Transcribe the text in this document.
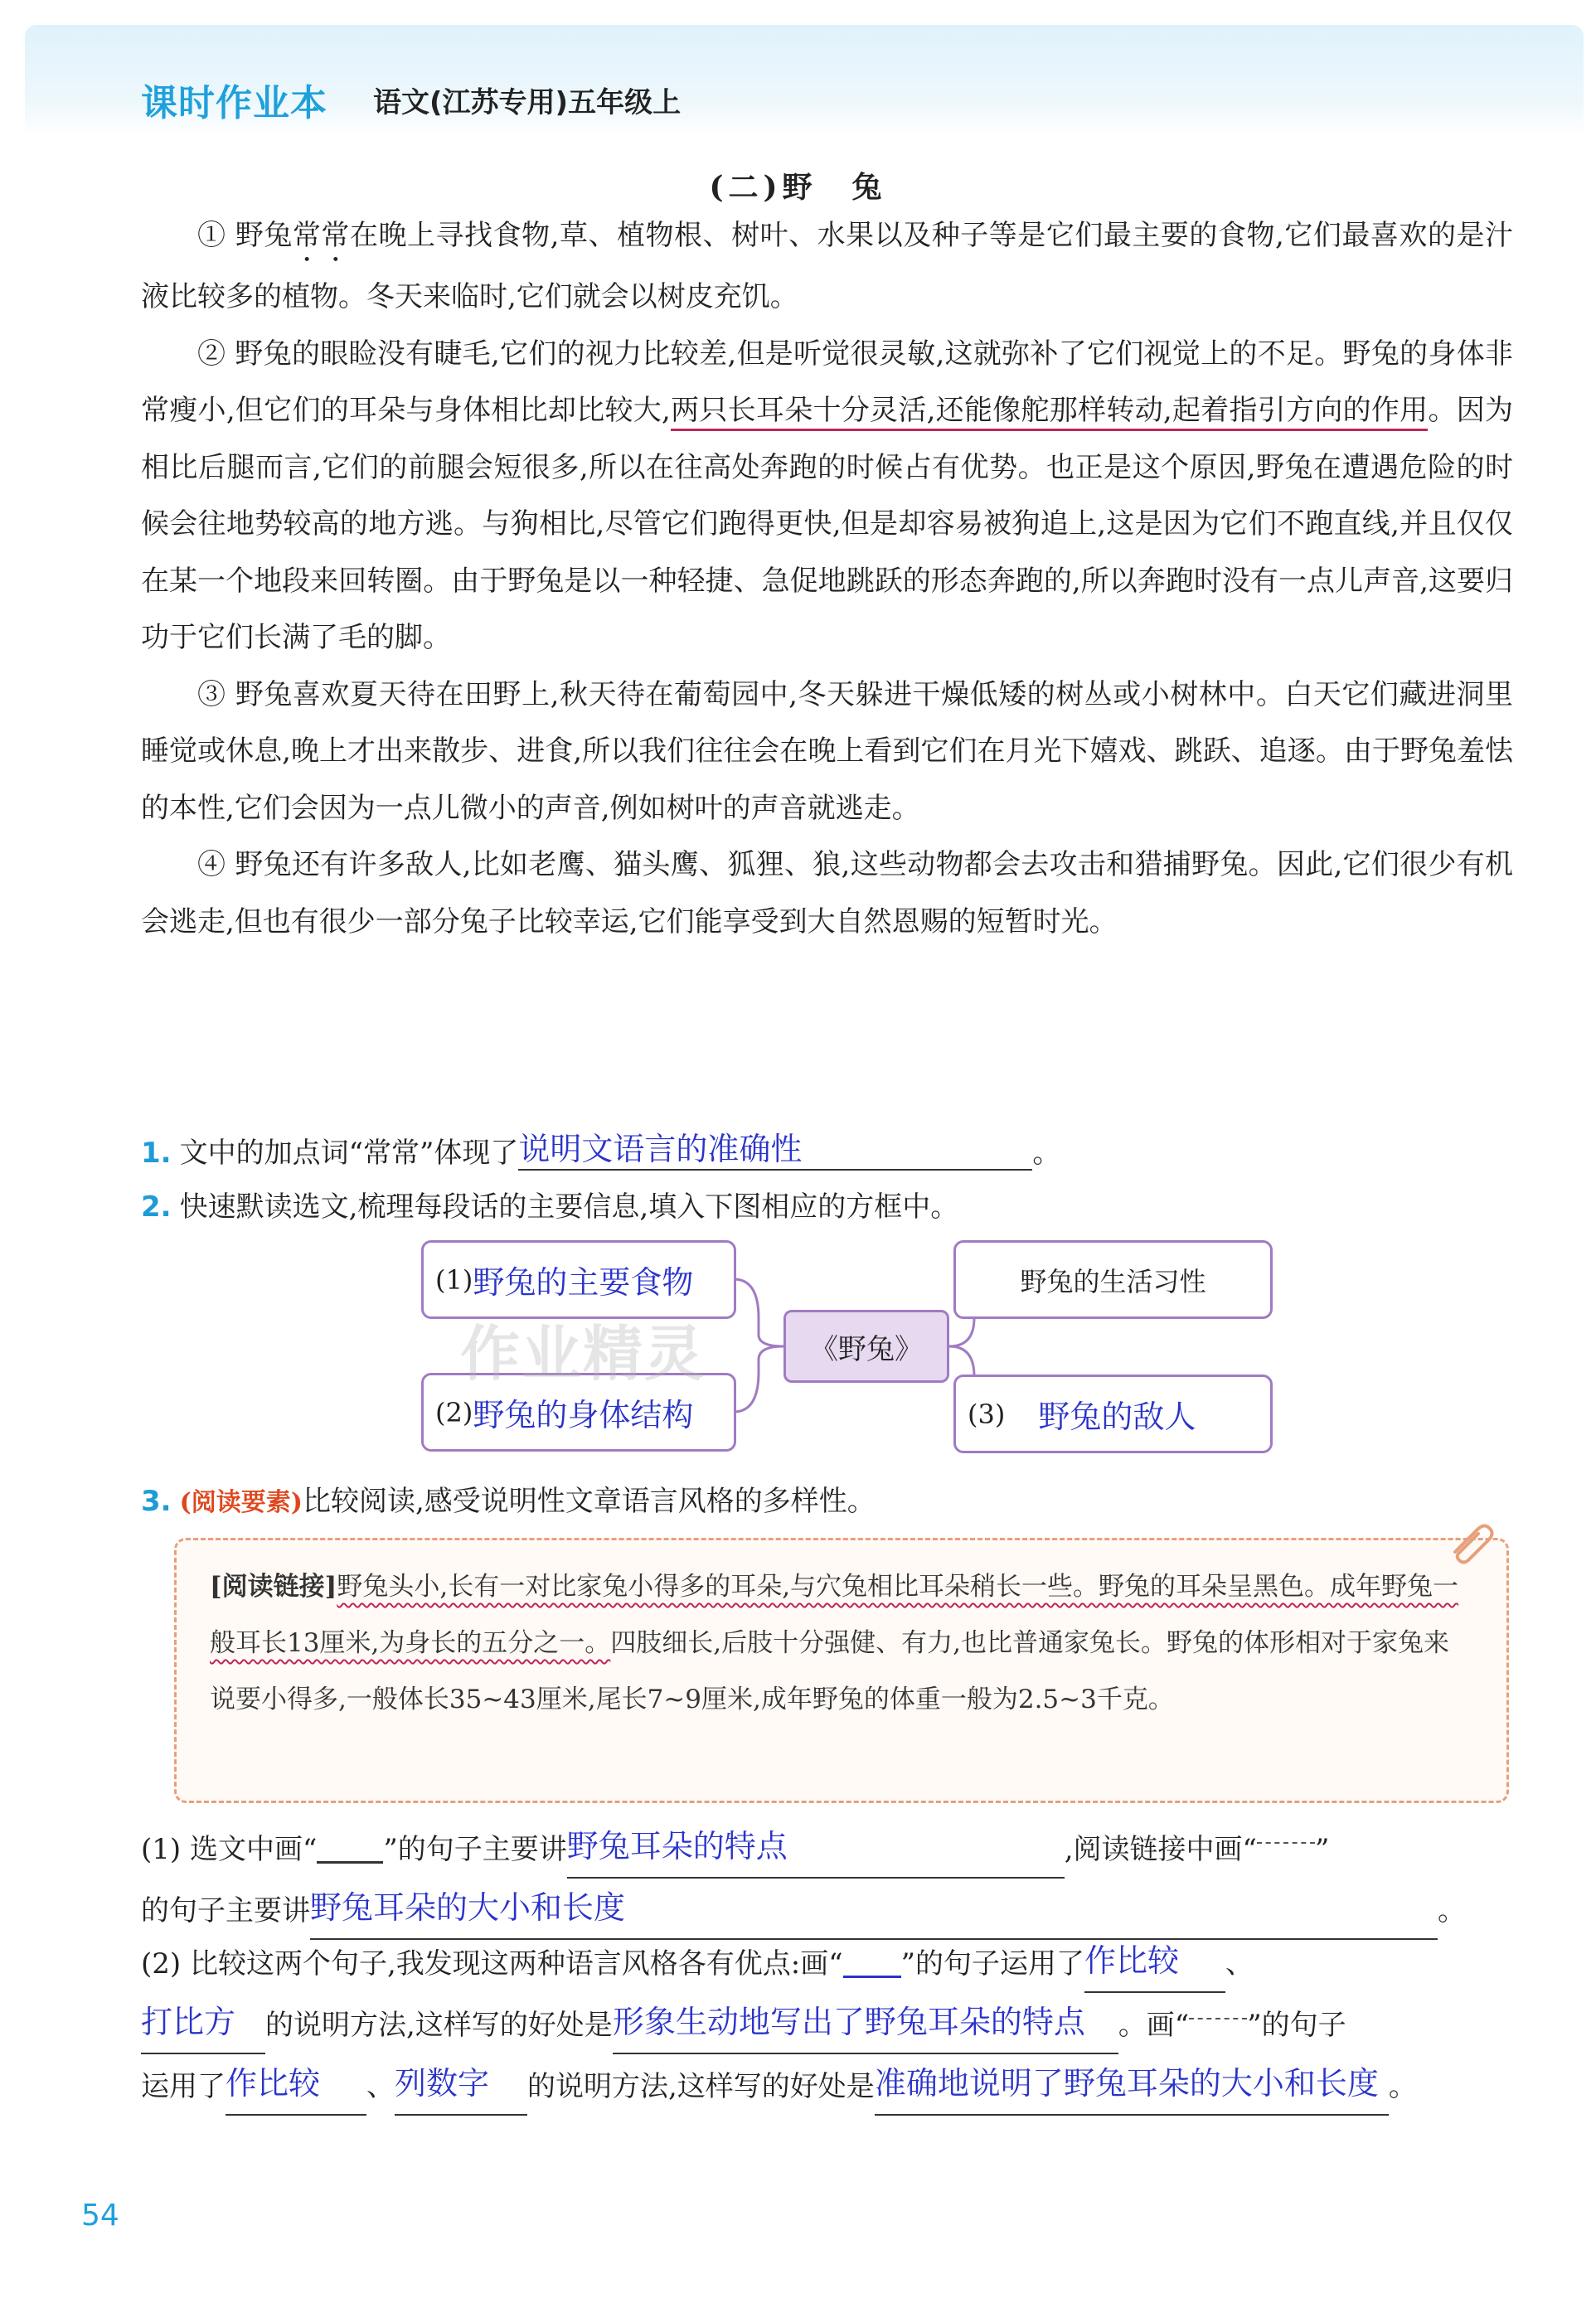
课时作业本 语文(江苏专用)五年级上
(二)野　兔

① 野兔常常在晚上寻找食物,草、植物根、树叶、水果以及种子等是它们最主要的食物,它们最喜欢的是汁液比较多的植物。冬天来临时,它们就会以树皮充饥。

② 野兔的眼睑没有睫毛,它们的视力比较差,但是听觉很灵敏,这就弥补了它们视觉上的不足。野兔的身体非常瘦小,但它们的耳朵与身体相比却比较大,两只长耳朵十分灵活,还能像舵那样转动,起着指引方向的作用。因为相比后腿而言,它们的前腿会短很多,所以在往高处奔跑的时候占有优势。也正是这个原因,野兔在遭遇危险的时候会往地势较高的地方逃。与狗相比,尽管它们跑得更快,但是却容易被狗追上,这是因为它们不跑直线,并且仅仅在某一个地段来回转圈。由于野兔是以一种轻捷、急促地跳跃的形态奔跑的,所以奔跑时没有一点儿声音,这要归功于它们长满了毛的脚。

③ 野兔喜欢夏天待在田野上,秋天待在葡萄园中,冬天躲进干燥低矮的树丛或小树林中。白天它们藏进洞里睡觉或休息,晚上才出来散步、进食,所以我们往往会在晚上看到它们在月光下嬉戏、跳跃、追逐。由于野兔羞怯的本性,它们会因为一点儿微小的声音,例如树叶的声音就逃走。

④ 野兔还有许多敌人,比如老鹰、猫头鹰、狐狸、狼,这些动物都会去攻击和猎捕野兔。因此,它们很少有机会逃走,但也有很少一部分兔子比较幸运,它们能享受到大自然恩赐的短暂时光。

1. 文中的加点词“常常”体现了说明文语言的准确性	。
2. 快速默读选文,梳理每段话的主要信息,填入下图相应的方框中。
(1) 野兔的主要食物
(2) 野兔的身体结构
《野兔》
野兔的生活习性
(3) 野兔的敌人
作业精灵
3. (阅读要素)比较阅读,感受说明性文章语言风格的多样性。
[阅读链接]野兔头小,长有一对比家兔小得多的耳朵,与穴兔相比耳朵稍长一些。野兔的耳朵呈黑色。成年野兔一般耳长13厘米,为身长的五分之一。四肢细长,后肢十分强健、有力,也比普通家兔长。野兔的体形相对于家兔来说要小得多,一般体长35~43厘米,尾长7~9厘米,成年野兔的体重一般为2.5~3千克。
(1) 选文中画“ ”的句子主要讲野兔耳朵的特点	,阅读链接中画“ ”
的句子主要讲野兔耳朵的大小和长度	。
(2) 比较这两个句子,我发现这两种语言风格各有优点:画“ ”的句子运用了作比较 、
打比方 的说明方法,这样写的好处是形象生动地写出了野兔耳朵的特点 。画“ ”的句子
运用了作比较 、列数字 的说明方法,这样写的好处是准确地说明了野兔耳朵的大小和长度 。
54
